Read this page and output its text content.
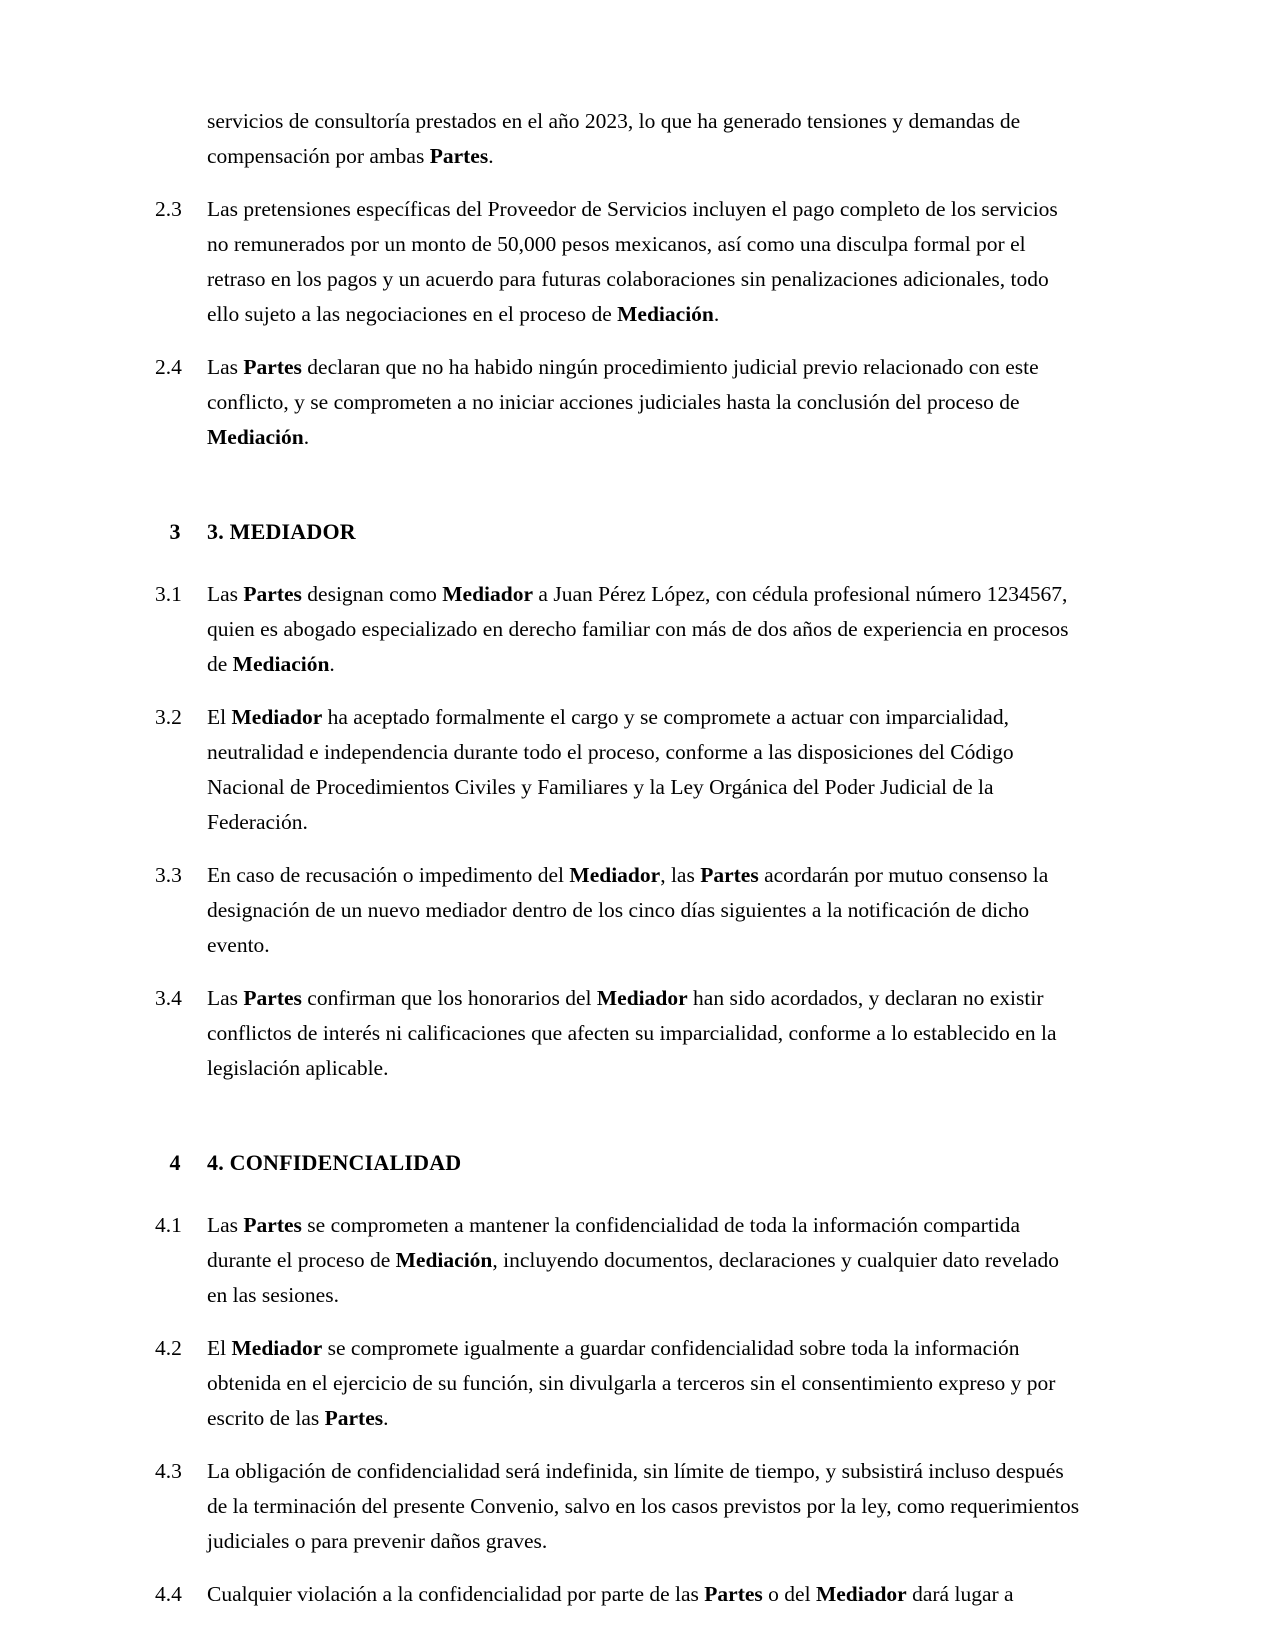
servicios de consultoría prestados en el año 2023, lo que ha generado tensiones y demandas de compensación por ambas Partes.
2.3	Las pretensiones específicas del Proveedor de Servicios incluyen el pago completo de los servicios no remunerados por un monto de 50,000 pesos mexicanos, así como una disculpa formal por el retraso en los pagos y un acuerdo para futuras colaboraciones sin penalizaciones adicionales, todo ello sujeto a las negociaciones en el proceso de Mediación.
2.4	Las Partes declaran que no ha habido ningún procedimiento judicial previo relacionado con este conflicto, y se comprometen a no iniciar acciones judiciales hasta la conclusión del proceso de Mediación.
3	3. MEDIADOR
3.1	Las Partes designan como Mediador a Juan Pérez López, con cédula profesional número 1234567, quien es abogado especializado en derecho familiar con más de dos años de experiencia en procesos de Mediación.
3.2	El Mediador ha aceptado formalmente el cargo y se compromete a actuar con imparcialidad, neutralidad e independencia durante todo el proceso, conforme a las disposiciones del Código Nacional de Procedimientos Civiles y Familiares y la Ley Orgánica del Poder Judicial de la Federación.
3.3	En caso de recusación o impedimento del Mediador, las Partes acordarán por mutuo consenso la designación de un nuevo mediador dentro de los cinco días siguientes a la notificación de dicho evento.
3.4	Las Partes confirman que los honorarios del Mediador han sido acordados, y declaran no existir conflictos de interés ni calificaciones que afecten su imparcialidad, conforme a lo establecido en la legislación aplicable.
4	4. CONFIDENCIALIDAD
4.1	Las Partes se comprometen a mantener la confidencialidad de toda la información compartida durante el proceso de Mediación, incluyendo documentos, declaraciones y cualquier dato revelado en las sesiones.
4.2	El Mediador se compromete igualmente a guardar confidencialidad sobre toda la información obtenida en el ejercicio de su función, sin divulgarla a terceros sin el consentimiento expreso y por escrito de las Partes.
4.3	La obligación de confidencialidad será indefinida, sin límite de tiempo, y subsistirá incluso después de la terminación del presente Convenio, salvo en los casos previstos por la ley, como requerimientos judiciales o para prevenir daños graves.
4.4	Cualquier violación a la confidencialidad por parte de las Partes o del Mediador dará lugar a
